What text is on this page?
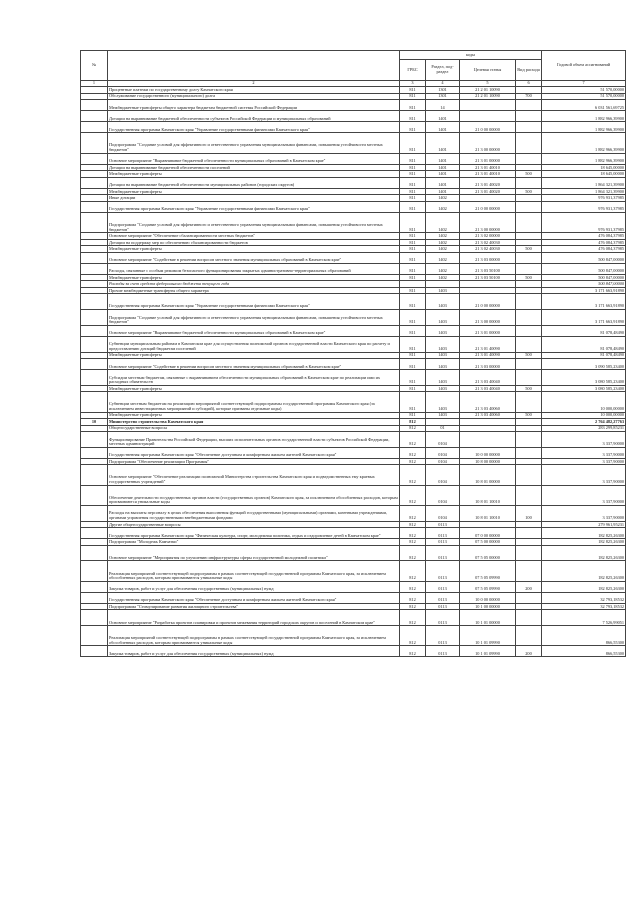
№		коды				Годовой объем ассигнований
		ГРБС	Раздел, под-раздел	Целевая статья	Вид расхода	
1	2	3	4	5	6	7
	Процентные платежи по государственному долгу Камчатского края	811	1301	21 2 01 10090		51 570,00000
	Обслуживание государственного (муниципального) долга	811	1301	21 2 01 10090	700	51 570,00000
	Межбюджетные трансферты общего характера бюджетам бюджетной системы Российской Федерации	811	14			6 031 561,69725
	Дотации на выравнивание бюджетной обеспеченности субъектов Российской Федерации и муниципальных образований	811	1401			1 882 966,39900
	Государственная программа Камчатского края "Управление государственными финансами Камчатского края"	811	1401	21 0 00 00000		1 882 966,39900
	Подпрограмма "Создание условий для эффективного и ответственного управления муниципальными финансами, повышения устойчивости местных бюджетов"	811	1401	21 3 00 00000		1 882 966,39900
	Основное мероприятие "Выравнивание бюджетной обеспеченности муниципальных образований в Камчатском крае"	811	1401	21 3 01 00000		1 882 966,39900
	Дотации на выравнивание бюджетной обеспеченности поселений	811	1401	21 3 01 40010		18 645,00000
	Межбюджетные трансферты	811	1401	21 3 01 40010	500	18 645,00000
	Дотации на выравнивание бюджетной обеспеченности муниципальных районов (городских округов)	811	1401	21 3 01 40020		1 864 321,39900
	Межбюджетные трансферты	811	1401	21 3 01 40020	500	1 864 321,39900
	Иные дотации	811	1402			976 931,37985
	Государственная программа Камчатского края "Управление государственными финансами Камчатского края"	811	1402	21 0 00 00000		976 931,37985
	Подпрограмма "Создание условий для эффективного и ответственного управления муниципальными финансами, повышения устойчивости местных бюджетов"	811	1402	21 3 00 00000		976 931,37985
	Основное мероприятие "Обеспечение сбалансированности местных бюджетов"	811	1402	21 3 02 00000		476 084,37985
	Дотации на поддержку мер по обеспечению сбалансированности бюджетов	811	1402	21 3 02 40030		476 084,37985
	Межбюджетные трансферты	811	1402	21 3 02 40030	500	476 084,37985
	Основное мероприятие "Содействие в решении вопросов местного значения муниципальных образований в Камчатском крае"	811	1402	21 3 03 00000		500 847,00000
	Расходы, связанные с особым режимом безопасного функционирования закрытых административно-территориальных образований	811	1402	21 3 03 50100		500 847,00000
	Межбюджетные трансферты	811	1402	21 3 03 50100	500	500 847,00000
	Расходы за счет средств федерального бюджета текущего года					500 847,00000
	Прочие межбюджетные трансферты общего характера	811	1403			3 171 663,91890
	Государственная программа Камчатского края "Управление государственными финансами Камчатского края"	811	1403	21 0 00 00000		3 171 663,91890
	Подпрограмма "Создание условий для эффективного и ответственного управления муниципальными финансами, повышения устойчивости местных бюджетов"	811	1403	21 3 00 00000		3 171 663,91890
	Основное мероприятие "Выравнивание бюджетной обеспеченности муниципальных образований в Камчатском крае"	811	1403	21 3 01 00000		81 078,48490
	Субвенции муниципальным районам в Камчатском крае для осуществления полномочий органов государственной власти Камчатского края по расчету и предоставлению дотаций бюджетам поселений	811	1403	21 3 01 40090		81 078,48490
	Межбюджетные трансферты	811	1403	21 3 01 40090	500	81 078,48490
	Основное мероприятие "Содействие в решении вопросов местного значения муниципальных образований в Камчатском крае"	811	1403	21 3 03 00000		3 090 585,23400
	Субсидии местным бюджетам, связанные с выравниванием обеспеченности муниципальных образований в Камчатском крае по реализации ими их расходных обязательств	811	1403	21 3 03 40040		3 080 585,23400
	Межбюджетные трансферты	811	1403	21 3 03 40040	500	3 080 585,23400
	Субвенции местным бюджетам на реализацию мероприятий соответствующей подпрограммы государственной программы Камчатского края (за исключением инвестиционных мероприятий и субсидий), которые призваны отдельные коды)	811	1403	21 3 03 40060		10 000,00000
	Межбюджетные трансферты	811	1403	21 3 03 40060	500	10 000,00000
10	Министерство строительства Камчатского края	812				2 764 482,27763
	Общегосударственные вопросы	812	01			283 299,85231
	Функционирование Правительства Российской Федерации, высших исполнительных органов государственной власти субъектов Российской Федерации, местных администраций	812	0104			3 337,90000
	Государственная программа Камчатского края "Обеспечение доступным и комфортным жильем жителей Камчатского края"	812	0104	10 0 00 00000		3 337,90000
	Подпрограмма "Обеспечение реализации Программы"	812	0104	10 8 00 00000		3 337,90000
	Основное мероприятие "Обеспечение реализации полномочий Министерства строительства Камчатского края и подведомственных ему краевых государственных учреждений"	812	0104	10 8 01 00000		3 337,90000
	Обеспечение деятельности государственных органов власти (государственных органов) Камчатского края, за исключением обособленных расходов, которым присваиваются уникальные коды	812	0104	10 8 01 10010		3 337,90000
	Расходы на выплаты персоналу в целях обеспечения выполнения функций государственными (муниципальными) органами, казенными учреждениями, органами управления государственными внебюджетными фондами	812	0104	10 8 01 10010	100	3 337,90000
	Другие общегосударственные вопросы	812	0113			279 961,95231
	Государственная программа Камчатского края "Физическая культура, спорт, молодежная политика, отдых и оздоровление детей в Камчатском крае"	812	0113	07 0 00 00000		182 825,26300
	Подпрограмма "Молодежь Камчатки"	812	0113	07 5 00 00000		182 825,26300
	Основное мероприятие "Мероприятия по улучшению инфраструктуры сферы государственной молодежной политики"	812	0113	07 5 05 00000		182 825,26300
	Реализация мероприятий соответствующей подпрограммы в рамках соответствующей государственной программы Камчатского края, за исключением обособленных расходов, которым присваиваются уникальные коды	812	0113	07 5 05 09990		182 825,26300
	Закупка товаров, работ и услуг для обеспечения государственных (муниципальных) нужд	812	0113	07 5 05 09990	200	182 825,26300
	Государственная программа Камчатского края "Обеспечение доступным и комфортным жильем жителей Камчатского края"	812	0113	10 0 00 00000		32 793,18532
	Подпрограмма "Стимулирование развития жилищного строительства"	812	0113	10 1 00 00000		32 793,18532
	Основное мероприятие "Разработка проектов планировки и проектов межевания территорий городских округов и поселений в Камчатском крае"	812	0113	10 1 01 00000		7 526,99051
	Реализация мероприятий соответствующей подпрограммы в рамках соответствующей государственной программы Камчатского края, за исключением обособленных расходов, которым присваиваются уникальные коды	812	0113	10 1 01 09990		866,55300
	Закупка товаров, работ и услуг для обеспечения государственных (муниципальных) нужд	812	0113	10 1 01 09990	200	866,55300
